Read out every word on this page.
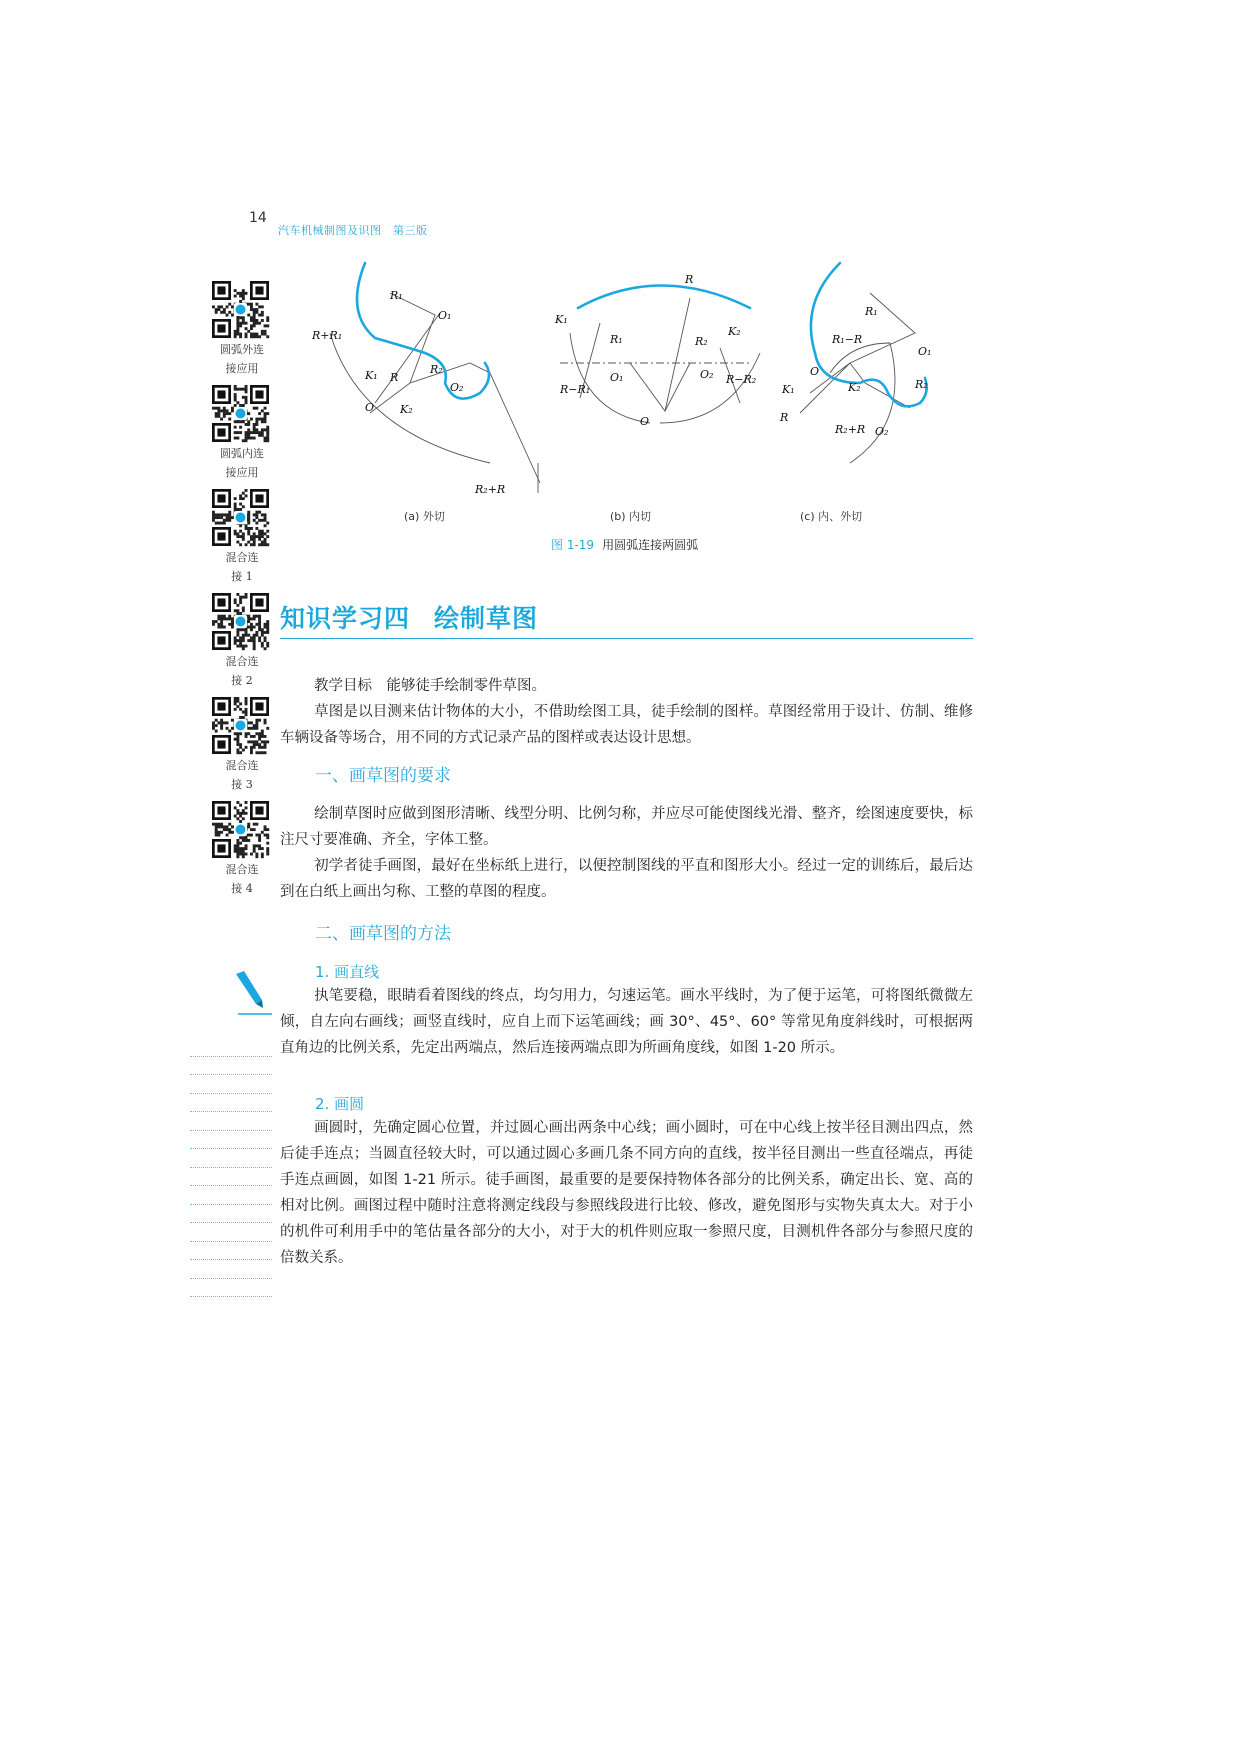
14
汽车机械制图及识图　第三版
圆弧外连
接应用
圆弧内连
接应用
混合连
接 1
混合连
接 2
混合连
接 3
混合连
接 4
R₁
O₁
R+R₁
K₁ R
R₂
O₂
O K₂
R₂+R
R
K₁
R₁	R₂
K₂
R−R₁
O₁	O₂ R−R₂
O
R₁
R₁−R
O₁
O
K₁	K₂	R₂
R
R₂+R O₂
(a) 外切	(b) 内切	(c) 内、外切
图 1-19 用圆弧连接两圆弧
知识学习四 绘制草图
教学目标　能够徒手绘制零件草图。
草图是以目测来估计物体的大小，不借助绘图工具，徒手绘制的图样。草图经常用于设计、仿制、维修车辆设备等场合，用不同的方式记录产品的图样或表达设计思想。
一、画草图的要求
绘制草图时应做到图形清晰、线型分明、比例匀称，并应尽可能使图线光滑、整齐，绘图速度要快，标注尺寸要准确、齐全，字体工整。
初学者徒手画图，最好在坐标纸上进行，以便控制图线的平直和图形大小。经过一定的训练后，最后达到在白纸上画出匀称、工整的草图的程度。
二、画草图的方法
1. 画直线
执笔要稳，眼睛看着图线的终点，均匀用力，匀速运笔。画水平线时，为了便于运笔，可将图纸微微左倾，自左向右画线；画竖直线时，应自上而下运笔画线；画 30°、45°、60° 等常见角度斜线时，可根据两直角边的比例关系，先定出两端点，然后连接两端点即为所画角度线，如图 1-20 所示。
2. 画圆
画圆时，先确定圆心位置，并过圆心画出两条中心线；画小圆时，可在中心线上按半径目测出四点，然后徒手连点；当圆直径较大时，可以通过圆心多画几条不同方向的直线，按半径目测出一些直径端点，再徒手连点画圆，如图 1-21 所示。徒手画图，最重要的是要保持物体各部分的比例关系，确定出长、宽、高的相对比例。画图过程中随时注意将测定线段与参照线段进行比较、修改，避免图形与实物失真太大。对于小的机件可利用手中的笔估量各部分的大小，对于大的机件则应取一参照尺度，目测机件各部分与参照尺度的倍数关系。
